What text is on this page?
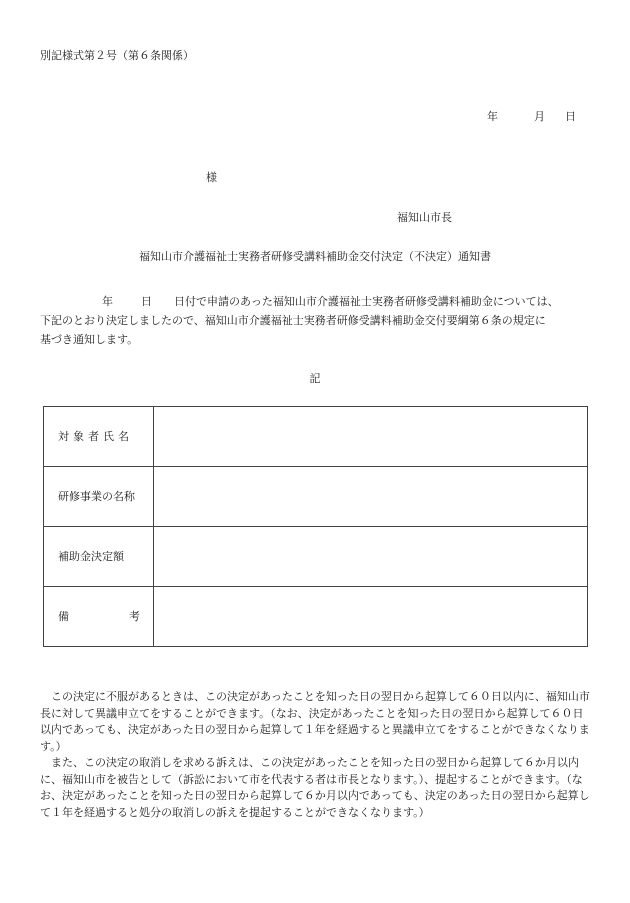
別記様式第２号（第６条関係）
年	月 日
様
福知山市長
福知山市介護福祉士実務者研修受講料補助金交付決定（不決定）通知書

年	日 日付で申請のあった福知山市介護福祉士実務者研修受講料補助金については、

下記のとおり決定しましたので、福知山市介護福祉士実務者研修受講料補助金交付要綱第６条の規定に

基づき通知します。

記
対象者氏名	
研修事業の名称	
補助金決定額	

備 考	

この決定に不服があるときは、この決定があったことを知った日の翌日から起算して６０日以内に、福知山市長に対して異議申立てをすることができます。（なお、決定があったことを知った日の翌日から起算して６０日以内であっても、決定があった日の翌日から起算して１年を経過すると異議申立てをすることができなくなります。）

また、この決定の取消しを求める訴えは、この決定があったことを知った日の翌日から起算して６か月以内に、福知山市を被告として（訴訟において市を代表する者は市長となります。）、提起することができます。（なお、決定があったことを知った日の翌日から起算して６か月以内であっても、決定のあった日の翌日から起算して１年を経過すると処分の取消しの訴えを提起することができなくなります。）
